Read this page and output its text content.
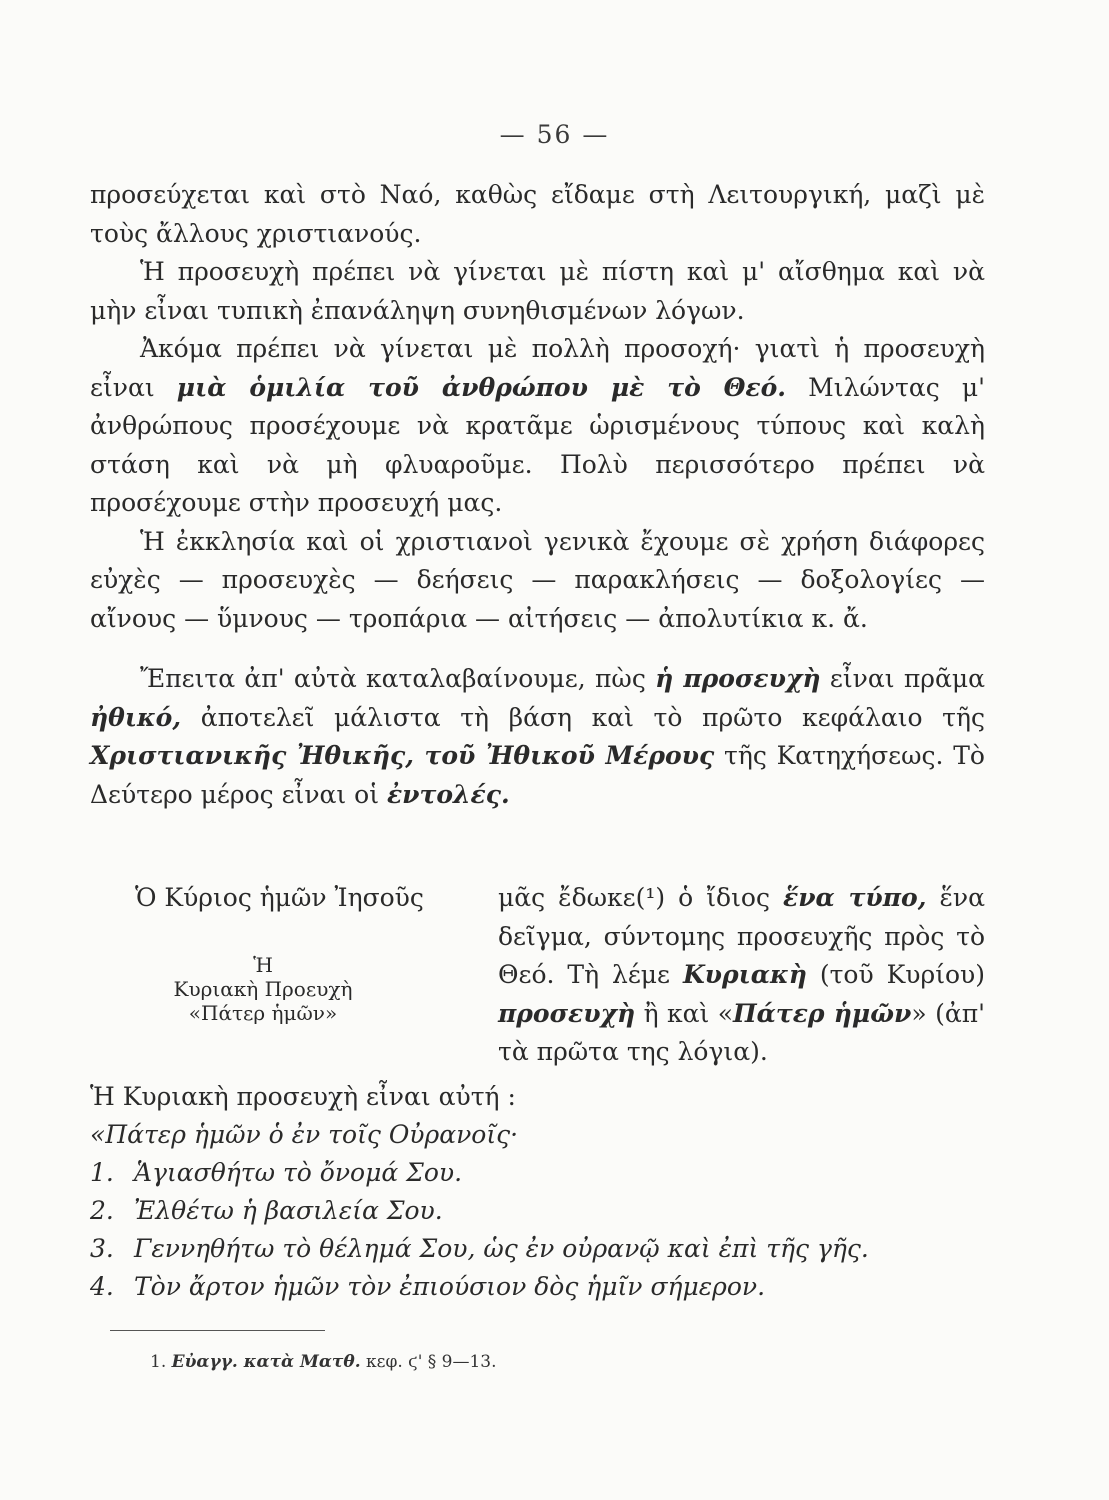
— 56 —

προσεύχεται καὶ στὸ Ναό, καθὼς εἴδαμε στὴ Λειτουργική, μαζὶ μὲ τοὺς ἄλλους χριστιανούς.

Ἡ προσευχὴ πρέπει νὰ γίνεται μὲ πίστη καὶ μ' αἴσθημα καὶ νὰ μὴν εἶναι τυπικὴ ἐπανάληψη συνηθισμένων λόγων.

Ἀκόμα πρέπει νὰ γίνεται μὲ πολλὴ προσοχή· γιατὶ ἡ προσευχὴ εἶναι μιὰ ὁμιλία τοῦ ἀνθρώπου μὲ τὸ Θεό. Μιλώντας μ' ἀνθρώπους προσέχουμε νὰ κρατᾶμε ὡρισμένους τύπους καὶ καλὴ στάση καὶ νὰ μὴ φλυαροῦμε. Πολὺ περισσότερο πρέπει νὰ προσέχουμε στὴν προσευχή μας.

Ἡ ἐκκλησία καὶ οἱ χριστιανοὶ γενικὰ ἔχουμε σὲ χρήση διάφορες εὐχὲς — προσευχὲς — δεήσεις — παρακλήσεις — δοξολογίες — αἴνους — ὕμνους — τροπάρια — αἰτήσεις — ἀπολυτίκια κ. ἄ.

Ἔπειτα ἀπ' αὐτὰ καταλαβαίνουμε, πὼς ἡ προσευχὴ εἶναι πρᾶμα ἠθικό, ἀποτελεῖ μάλιστα τὴ βάση καὶ τὸ πρῶτο κεφάλαιο τῆς Χριστιανικῆς Ἠθικῆς, τοῦ Ἠθικοῦ Μέρους τῆς Κατηχήσεως. Τὸ Δεύτερο μέρος εἶναι οἱ ἐντολές.

Ὁ Κύριος ἡμῶν Ἰησοῦς

Ἡ

Κυριακὴ Προευχὴ

«Πάτερ ἡμῶν»

μᾶς ἔδωκε(¹) ὁ ἴδιος ἕνα τύπο, ἕνα δεῖγμα, σύντομης προσευχῆς πρὸς τὸ Θεό. Τὴ λέμε Κυριακὴ (τοῦ Κυρίου) προσευχὴ ἢ καὶ «Πάτερ ἡμῶν» (ἀπ' τὰ πρῶτα της λόγια).

Ἡ Κυριακὴ προσευχὴ εἶναι αὐτή :

«Πάτερ ἡμῶν ὁ ἐν τοῖς Οὐρανοῖς·

1. Ἁγιασθήτω τὸ ὄνομά Σου.

2. Ἐλθέτω ἡ βασιλεία Σου.

3. Γεννηθήτω τὸ θέλημά Σου, ὡς ἐν οὐρανῷ καὶ ἐπὶ τῆς γῆς.

4. Τὸν ἄρτον ἡμῶν τὸν ἐπιούσιον δὸς ἡμῖν σήμερον.

1. Εὐαγγ. κατὰ Ματθ. κεφ. ϛ' § 9—13.
